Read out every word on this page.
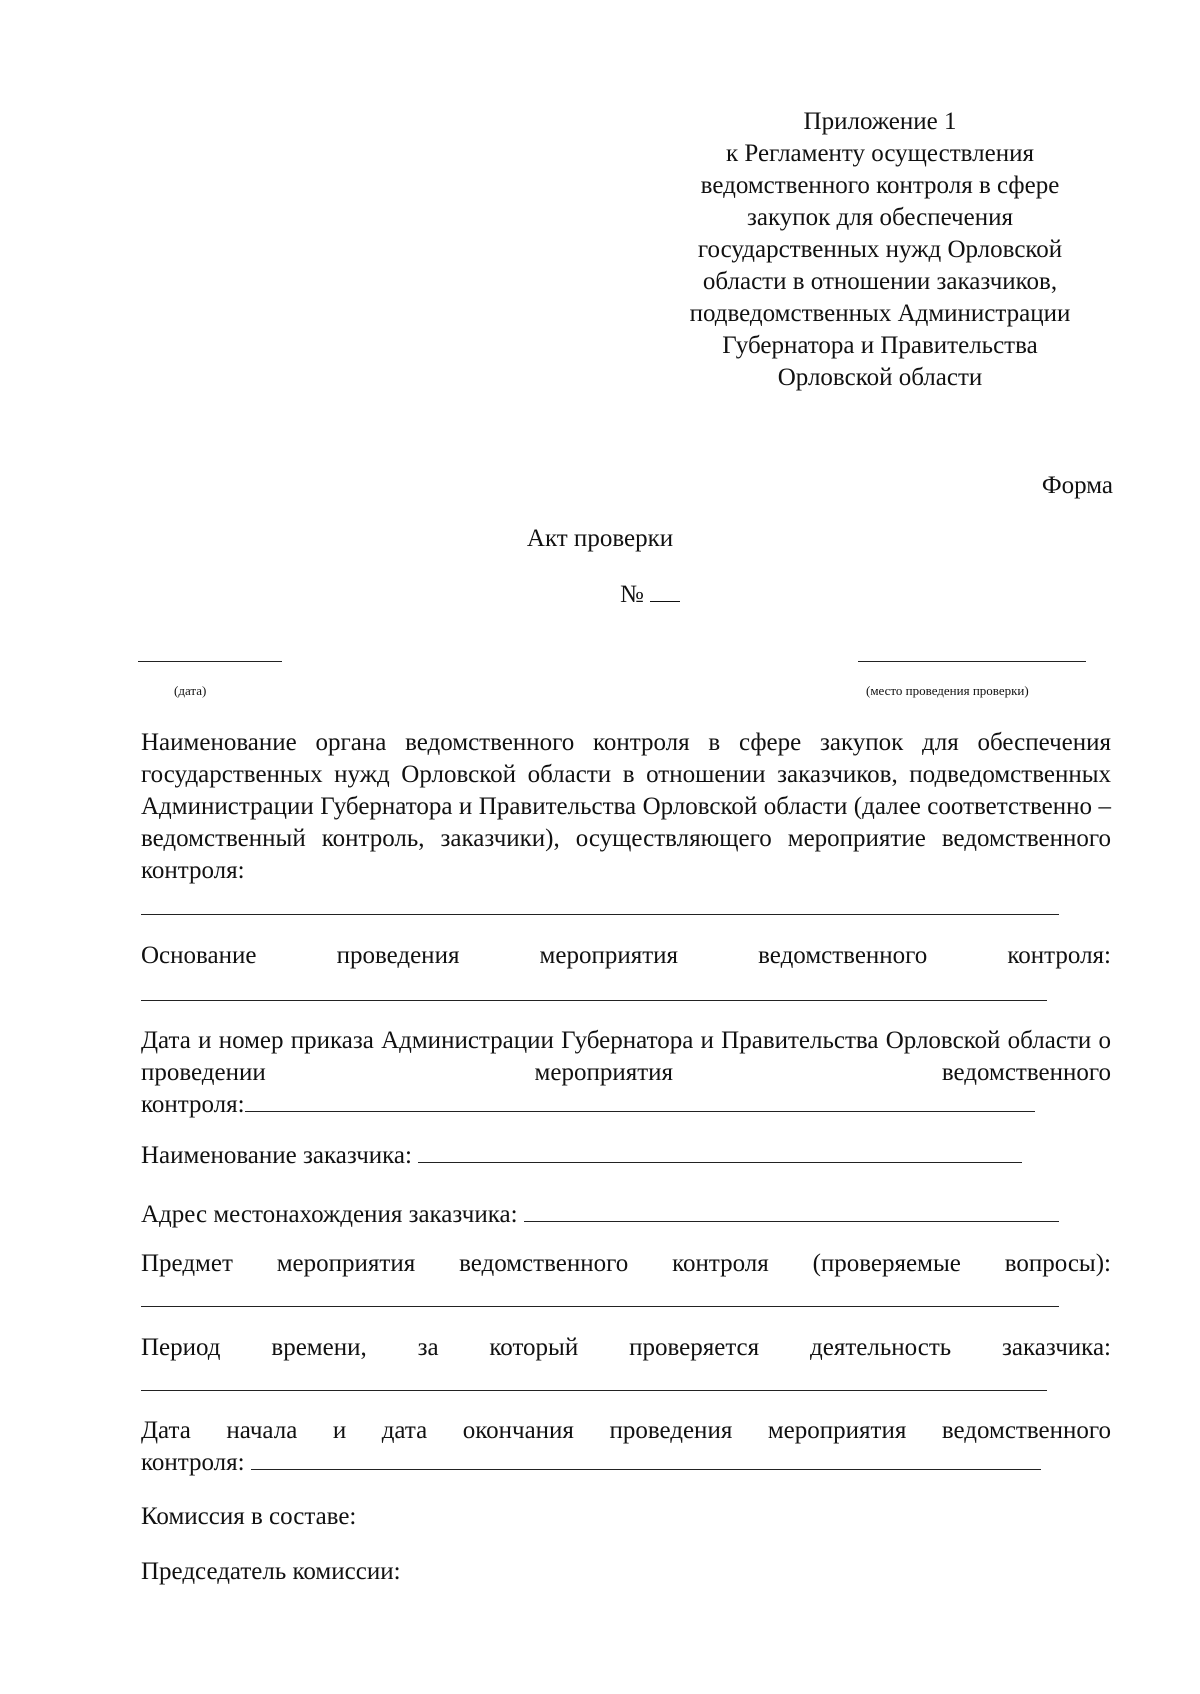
Приложение 1
к Регламенту осуществления
ведомственного контроля в сфере
закупок для обеспечения
государственных нужд Орловской
области в отношении заказчиков,
подведомственных Администрации
Губернатора и Правительства
Орловской области
Форма
Акт проверки
№
(дата)	(место проведения проверки)
Наименование органа ведомственного контроля в сфере закупок для обеспечения государственных нужд Орловской области в отношении заказчиков, подведомственных Администрации Губернатора и Правительства Орловской области (далее соответственно – ведомственный контроль, заказчики), осуществляющего мероприятие ведомственного контроля:
Основание проведения мероприятия ведомственного контроля:
Дата и номер приказа Администрации Губернатора и Правительства Орловской области о проведении мероприятия ведомственного
контроля:
Наименование заказчика:
Адрес местонахождения заказчика:
Предмет мероприятия ведомственного контроля (проверяемые вопросы):
Период времени, за который проверяется деятельность заказчика:
Дата начала и дата окончания проведения мероприятия ведомственного
контроля:
Комиссия в составе:
Председатель комиссии:
